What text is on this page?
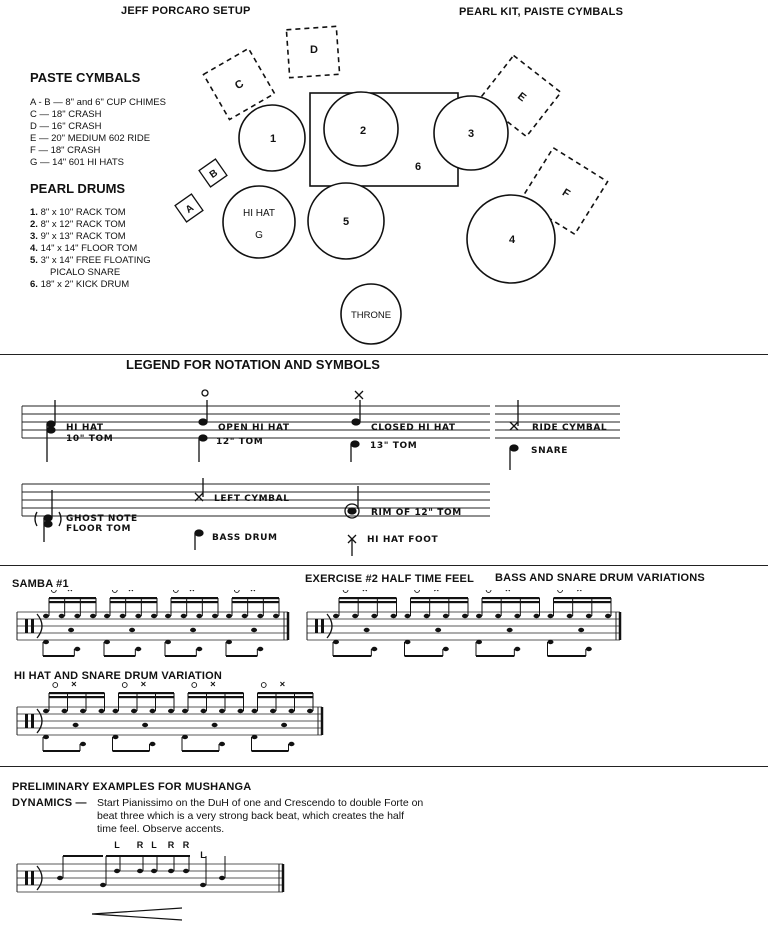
JEFF PORCARO SETUP	PEARL KIT, PAISTE CYMBALS
PASTE CYMBALS
A - B — 8" and 6" CUP CHIMES
C — 18" CRASH
D — 16" CRASH
E — 20" MEDIUM 602 RIDE
F — 18" CRASH
G — 14" 601 HI HATS
PEARL DRUMS
1. 8" x 10" RACK TOM
2. 8" x 12" RACK TOM
3. 9" x 13" RACK TOM
4. 14" x 14" FLOOR TOM
5. 3" x 14" FREE FLOATING
PICALO SNARE
6. 18" x 2" KICK DRUM
C
D
E
F
A
B
1
2	3
4
5
6
HI HAT
G
THRONE
LEGEND FOR NOTATION AND SYMBOLS
HI HAT
10" TOM
OPEN HI HAT
12" TOM
CLOSED HI HAT
13" TOM
RIDE CYMBAL
SNARE
GHOST NOTE
FLOOR TOM
LEFT CYMBAL
BASS DRUM
RIM OF 12" TOM
HI HAT FOOT
SAMBA #1	EXERCISE #2 HALF TIME FEEL BASS AND SNARE DRUM VARIATIONS
HI HAT AND SNARE DRUM VARIATION
PRELIMINARY EXAMPLES FOR MUSHANGA
DYNAMICS — Start Pianissimo on the DuH of one and Crescendo to double Forte on
beat three which is a very strong back beat, which creates the half
time feel. Observe accents.
L R L R R
L
